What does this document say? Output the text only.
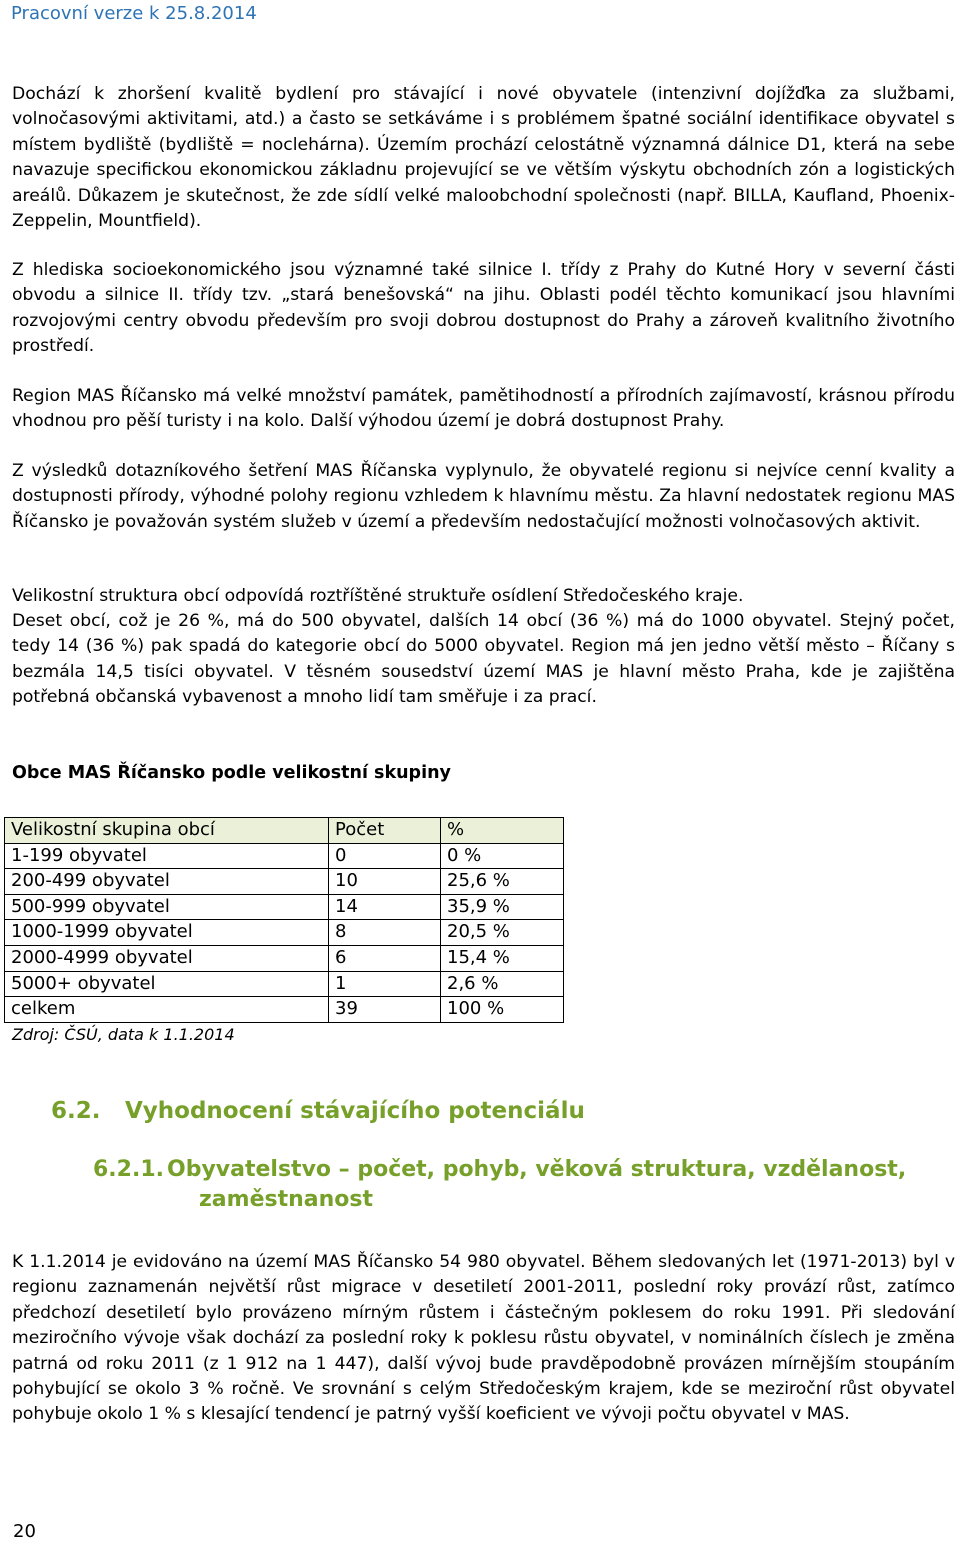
Pracovní verze k 25.8.2014

Dochází k zhoršení kvalitě bydlení pro stávající i nové obyvatele (intenzivní dojížďka za službami, volnočasovými aktivitami, atd.) a často se setkáváme i s problémem špatné sociální identifikace obyvatel s místem bydliště (bydliště = noclehárna). Územím prochází celostátně významná dálnice D1, která na sebe navazuje specifickou ekonomickou základnu projevující se ve větším výskytu obchodních zón a logistických areálů. Důkazem je skutečnost, že zde sídlí velké maloobchodní společnosti (např. BILLA, Kaufland, Phoenix-Zeppelin, Mountfield).

Z hlediska socioekonomického jsou významné také silnice I. třídy z Prahy do Kutné Hory v severní části obvodu a silnice II. třídy tzv. „stará benešovská“ na jihu. Oblasti podél těchto komunikací jsou hlavními rozvojovými centry obvodu především pro svoji dobrou dostupnost do Prahy a zároveň kvalitního životního prostředí.

Region MAS Říčansko má velké množství památek, pamětihodností a přírodních zajímavostí, krásnou přírodu vhodnou pro pěší turisty i na kolo. Další výhodou území je dobrá dostupnost Prahy.

Z výsledků dotazníkového šetření MAS Říčanska vyplynulo, že obyvatelé regionu si nejvíce cenní kvality a dostupnosti přírody, výhodné polohy regionu vzhledem k hlavnímu městu. Za hlavní nedostatek regionu MAS Říčansko je považován systém služeb v území a především nedostačující možnosti volnočasových aktivit.

Velikostní struktura obcí odpovídá roztříštěné struktuře osídlení Středočeského kraje.

Deset obcí, což je 26 %, má do 500 obyvatel, dalších 14 obcí (36 %) má do 1000 obyvatel. Stejný počet, tedy 14 (36 %) pak spadá do kategorie obcí do 5000 obyvatel. Region má jen jedno větší město – Říčany s bezmála 14,5 tisíci obyvatel. V těsném sousedství území MAS je hlavní město Praha, kde je zajištěna potřebná občanská vybavenost a mnoho lidí tam směřuje i za prací.

Obce MAS Říčansko podle velikostní skupiny
Velikostní skupina obcí	Počet	%
1-199 obyvatel	0	0 %
200-499 obyvatel	10	25,6 %
500-999 obyvatel	14	35,9 %
1000-1999 obyvatel	8	20,5 %
2000-4999 obyvatel	6	15,4 %
5000+ obyvatel	1	2,6 %
celkem	39	100 %
Zdroj: ČSÚ, data k 1.1.2014
6.2. Vyhodnocení stávajícího potenciálu
6.2.1. Obyvatelstvo – počet, pohyb, věková struktura, vzdělanost,
zaměstnanost

K 1.1.2014 je evidováno na území MAS Říčansko 54 980 obyvatel. Během sledovaných let (1971-2013) byl v regionu zaznamenán největší růst migrace v desetiletí 2001-2011, poslední roky provází růst, zatímco předchozí desetiletí bylo provázeno mírným růstem i částečným poklesem do roku 1991. Při sledování meziročního vývoje však dochází za poslední roky k poklesu růstu obyvatel, v nominálních číslech je změna patrná od roku 2011 (z 1 912 na 1 447), další vývoj bude pravděpodobně provázen mírnějším stoupáním pohybující se okolo 3 % ročně. Ve srovnání s celým Středočeským krajem, kde se meziroční růst obyvatel pohybuje okolo 1 % s klesající tendencí je patrný vyšší koeficient ve vývoji počtu obyvatel v MAS.

20
